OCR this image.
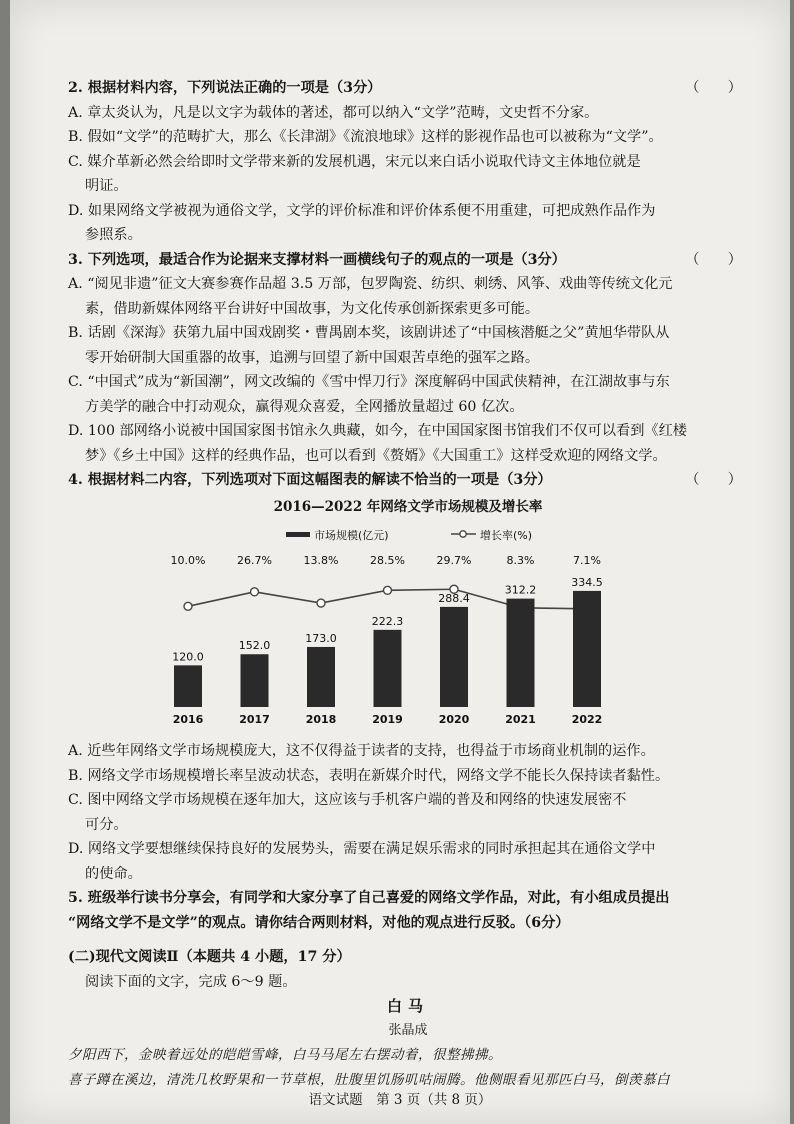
2. 根据材料内容，下列说法正确的一项是（3分）	（　　）
A. 章太炎认为，凡是以文字为载体的著述，都可以纳入“文学”范畴，文史哲不分家。
B. 假如“文学”的范畴扩大，那么《长津湖》《流浪地球》这样的影视作品也可以被称为“文学”。
C. 媒介革新必然会给即时文学带来新的发展机遇，宋元以来白话小说取代诗文主体地位就是
明证。
D. 如果网络文学被视为通俗文学，文学的评价标准和评价体系便不用重建，可把成熟作品作为
参照系。
3. 下列选项，最适合作为论据来支撑材料一画横线句子的观点的一项是（3分）	（　　）
A. “阅见非遗”征文大赛参赛作品超 3.5 万部，包罗陶瓷、纺织、刺绣、风筝、戏曲等传统文化元
素，借助新媒体网络平台讲好中国故事，为文化传承创新探索更多可能。
B. 话剧《深海》获第九届中国戏剧奖・曹禺剧本奖，该剧讲述了“中国核潜艇之父”黄旭华带队从
零开始研制大国重器的故事，追溯与回望了新中国艰苦卓绝的强军之路。
C. “中国式”成为“新国潮”，网文改编的《雪中悍刀行》深度解码中国武侠精神，在江湖故事与东
方美学的融合中打动观众，赢得观众喜爱，全网播放量超过 60 亿次。
D. 100 部网络小说被中国国家图书馆永久典藏，如今，在中国国家图书馆我们不仅可以看到《红楼
梦》《乡土中国》这样的经典作品，也可以看到《赘婿》《大国重工》这样受欢迎的网络文学。
4. 根据材料二内容，下列选项对下面这幅图表的解读不恰当的一项是（3分）	（　　）
2016—2022 年网络文学市场规模及增长率
市场规模(亿元)	增长率(%)
10.0%	26.7%	13.8%	28.5%	29.7%	8.3%	7.1%
120.0
2016
152.0
2017
173.0
2018
222.3
2019
288.4
2020
312.2
2021
334.5
2022
A. 近些年网络文学市场规模庞大，这不仅得益于读者的支持，也得益于市场商业机制的运作。
B. 网络文学市场规模增长率呈波动状态，表明在新媒介时代，网络文学不能长久保持读者黏性。
C. 图中网络文学市场规模在逐年加大，这应该与手机客户端的普及和网络的快速发展密不
可分。
D. 网络文学要想继续保持良好的发展势头，需要在满足娱乐需求的同时承担起其在通俗文学中
的使命。
5. 班级举行读书分享会，有同学和大家分享了自己喜爱的网络文学作品，对此，有小组成员提出
“网络文学不是文学”的观点。请你结合两则材料，对他的观点进行反驳。（6分）
(二)现代文阅读Ⅱ（本题共 4 小题，17 分）
阅读下面的文字，完成 6～9 题。
白马
张晶成
夕阳西下，金映着远处的皑皑雪峰，白马马尾左右摆动着，很整拂拂。
喜子蹲在溪边，清洗几枚野果和一节草根，肚腹里饥肠叽咕闹腾。他侧眼看见那匹白马，倒羡慕白
语文试题　第 3 页（共 8 页）
